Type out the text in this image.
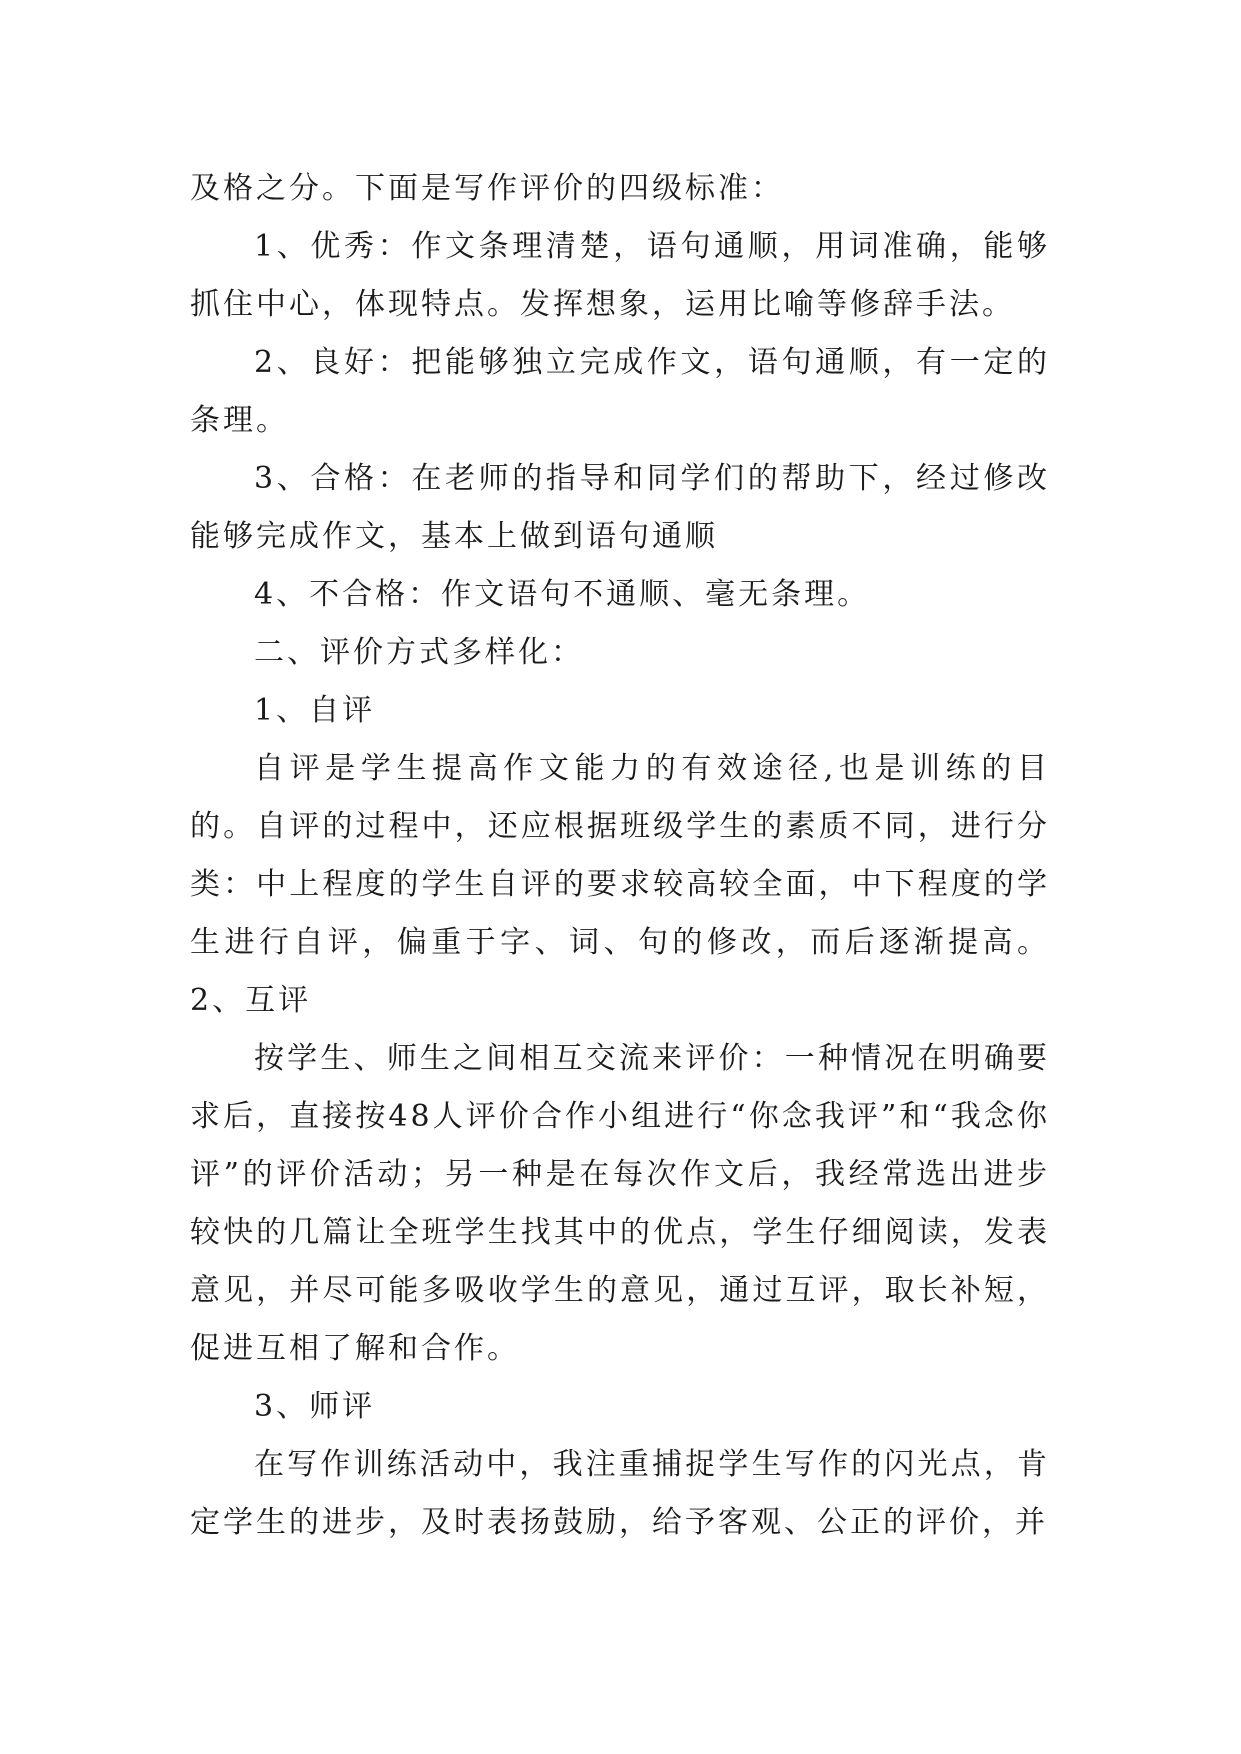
及格之分。下面是写作评价的四级标准：

1、优秀：作文条理清楚，语句通顺，用词准确，能够抓住中心，体现特点。发挥想象，运用比喻等修辞手法。

2、良好：把能够独立完成作文，语句通顺，有一定的条理。

3、合格：在老师的指导和同学们的帮助下，经过修改能够完成作文，基本上做到语句通顺

4、不合格：作文语句不通顺、毫无条理。

二、评价方式多样化：

1、自评

自评是学生提高作文能力的有效途径,也是训练的目的。自评的过程中，还应根据班级学生的素质不同，进行分类：中上程度的学生自评的要求较高较全面，中下程度的学生进行自评，偏重于字、词、句的修改，而后逐渐提高。2、互评

按学生、师生之间相互交流来评价：一种情况在明确要求后，直接按48人评价合作小组进行“你念我评”和“我念你评”的评价活动；另一种是在每次作文后，我经常选出进步较快的几篇让全班学生找其中的优点，学生仔细阅读，发表意见，并尽可能多吸收学生的意见，通过互评，取长补短，促进互相了解和合作。

3、师评

在写作训练活动中，我注重捕捉学生写作的闪光点，肯定学生的进步，及时表扬鼓励，给予客观、公正的评价，并
